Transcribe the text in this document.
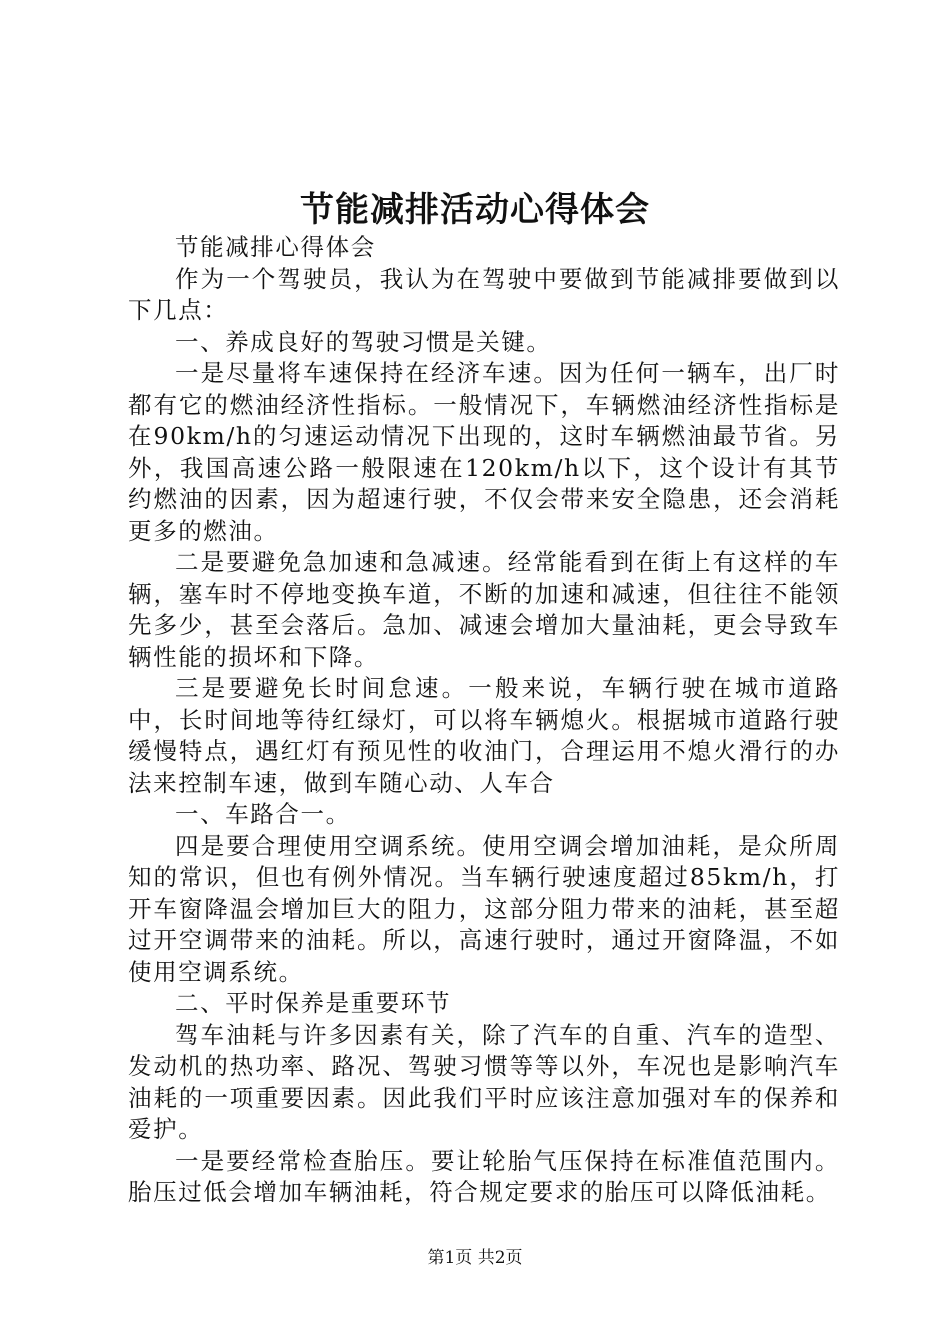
节能减排活动心得体会

节能减排心得体会

作为一个驾驶员，我认为在驾驶中要做到节能减排要做到以下几点：

一、养成良好的驾驶习惯是关键。

一是尽量将车速保持在经济车速。因为任何一辆车，出厂时都有它的燃油经济性指标。一般情况下，车辆燃油经济性指标是在90km/h的匀速运动情况下出现的，这时车辆燃油最节省。另外，我国高速公路一般限速在120km/h以下，这个设计有其节约燃油的因素，因为超速行驶，不仅会带来安全隐患，还会消耗更多的燃油。

二是要避免急加速和急减速。经常能看到在街上有这样的车辆，塞车时不停地变换车道，不断的加速和减速，但往往不能领先多少，甚至会落后。急加、减速会增加大量油耗，更会导致车辆性能的损坏和下降。

三是要避免长时间怠速。一般来说，车辆行驶在城市道路中，长时间地等待红绿灯，可以将车辆熄火。根据城市道路行驶缓慢特点，遇红灯有预见性的收油门，合理运用不熄火滑行的办法来控制车速，做到车随心动、人车合

一、车路合一。

四是要合理使用空调系统。使用空调会增加油耗，是众所周知的常识，但也有例外情况。当车辆行驶速度超过85km/h，打开车窗降温会增加巨大的阻力，这部分阻力带来的油耗，甚至超过开空调带来的油耗。所以，高速行驶时，通过开窗降温，不如使用空调系统。

二、平时保养是重要环节

驾车油耗与许多因素有关，除了汽车的自重、汽车的造型、发动机的热功率、路况、驾驶习惯等等以外，车况也是影响汽车油耗的一项重要因素。因此我们平时应该注意加强对车的保养和爱护。

一是要经常检查胎压。要让轮胎气压保持在标准值范围内。胎压过低会增加车辆油耗，符合规定要求的胎压可以降低油耗。

第1页 共2页
